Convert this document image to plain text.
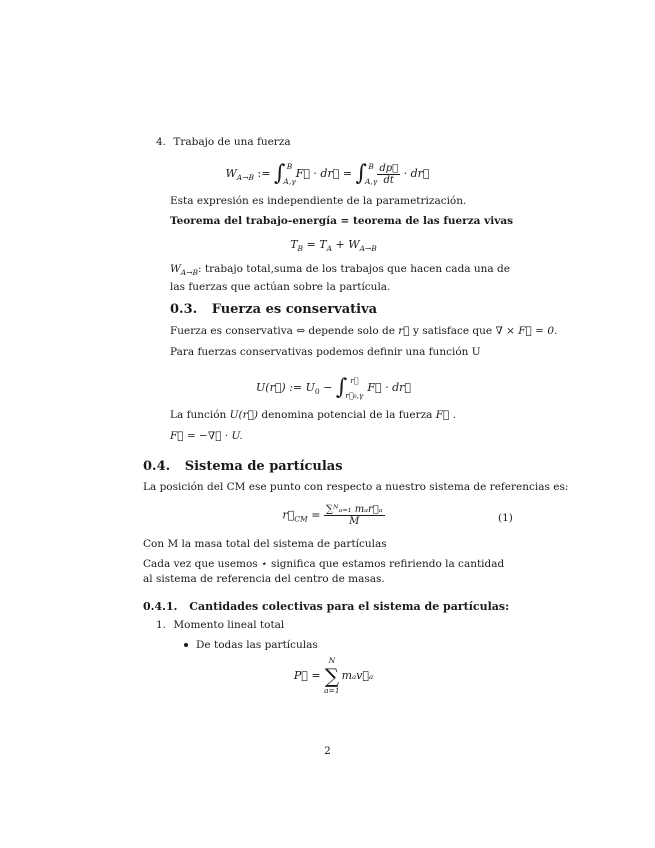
4. Trabajo de una fuerza
$W_{A\to B}$ := ∫ B
A,γ
F⃗ · dr⃗ = ∫ B
$A,\gamma \frac{dp⃗}{dt}$ · dr⃗

Esta expresión es independiente de la parametrización.

Teorema del trabajo-energía = teorema de las fuerza vivas

$T_B = T_A + W_{A\to B}$

$W_{A\to B}$: trabajo total,suma de los trabajos que hacen cada una de las fuerzas que actúan sobre la partícula.

0.3. Fuerza es conservativa

Fuerza es conservativa ⇔ depende solo de r⃗ y satisface que ∇ × F⃗ = 0.

Para fuerzas conservativas podemos definir una función U

U(r⃗) := $U_0$ − ∫ r⃗
r⃗₀,γ
F⃗ · dr⃗

La función U(r⃗) denomina potencial de la fuerza F⃗ .

F⃗ = −∇⃗ · U.

0.4. Sistema de partículas

La posición del CM ese punto con respecto a nuestro sistema de referencias es:

$r⃗_{CM} = \frac{\text{∑ᴺₐ₌₁ mₐr⃗ₐ}}{M}$	(1)

Con M la masa total del sistema de partículas

Cada vez que usemos ⋆ significa que estamos refiriendo la cantidad al sistema de referencia del centro de masas.

0.4.1. Cantidades colectivas para el sistema de partículas:
1. Momento lineal total
De todas las partículas
P⃗ =
N
∑
a=1
mₐv⃗ₐ
2
